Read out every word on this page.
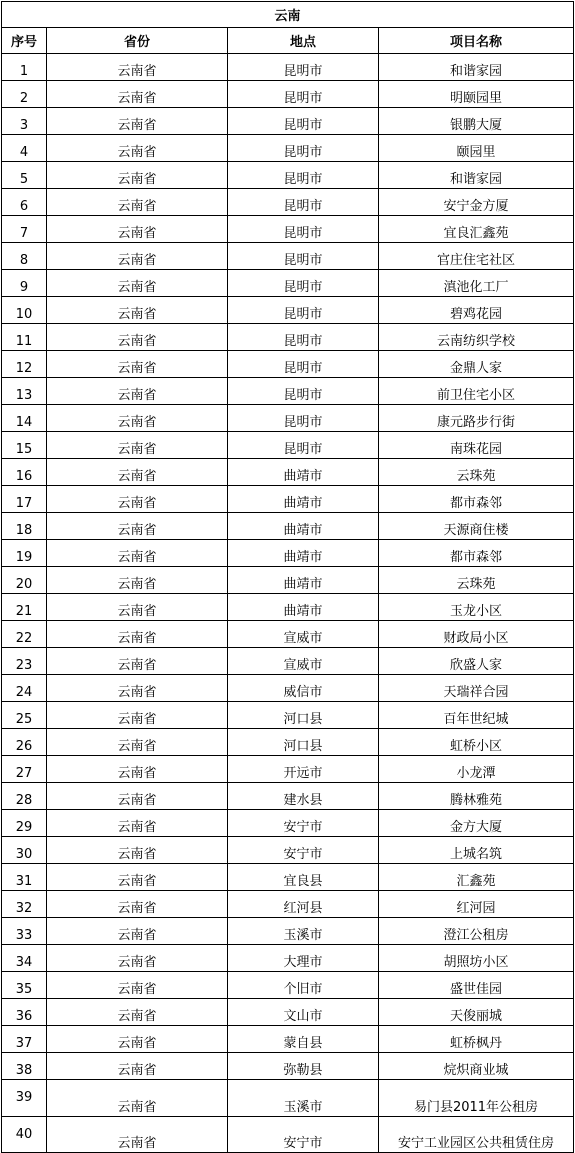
云南			
序号	省份	地点	项目名称
1	云南省	昆明市	和谐家园
2	云南省	昆明市	明颐园里
3	云南省	昆明市	银鹏大厦
4	云南省	昆明市	颐园里
5	云南省	昆明市	和谐家园
6	云南省	昆明市	安宁金方厦
7	云南省	昆明市	宜良汇鑫苑
8	云南省	昆明市	官庄住宅社区
9	云南省	昆明市	滇池化工厂
10	云南省	昆明市	碧鸡花园
11	云南省	昆明市	云南纺织学校
12	云南省	昆明市	金鼎人家
13	云南省	昆明市	前卫住宅小区
14	云南省	昆明市	康元路步行街
15	云南省	昆明市	南珠花园
16	云南省	曲靖市	云珠苑
17	云南省	曲靖市	都市森邻
18	云南省	曲靖市	天源商住楼
19	云南省	曲靖市	都市森邻
20	云南省	曲靖市	云珠苑
21	云南省	曲靖市	玉龙小区
22	云南省	宣威市	财政局小区
23	云南省	宣威市	欣盛人家
24	云南省	威信市	天瑞祥合园
25	云南省	河口县	百年世纪城
26	云南省	河口县	虹桥小区
27	云南省	开远市	小龙潭
28	云南省	建水县	腾林雅苑
29	云南省	安宁市	金方大厦
30	云南省	安宁市	上城名筑
31	云南省	宜良县	汇鑫苑
32	云南省	红河县	红河园
33	云南省	玉溪市	澄江公租房
34	云南省	大理市	胡照坊小区
35	云南省	个旧市	盛世佳园
36	云南省	文山市	天俊丽城
37	云南省	蒙自县	虹桥枫丹
38	云南省	弥勒县	烷炽商业城
39	云南省	玉溪市	易门县2011年公租房
40	云南省	安宁市	安宁工业园区公共租赁住房
